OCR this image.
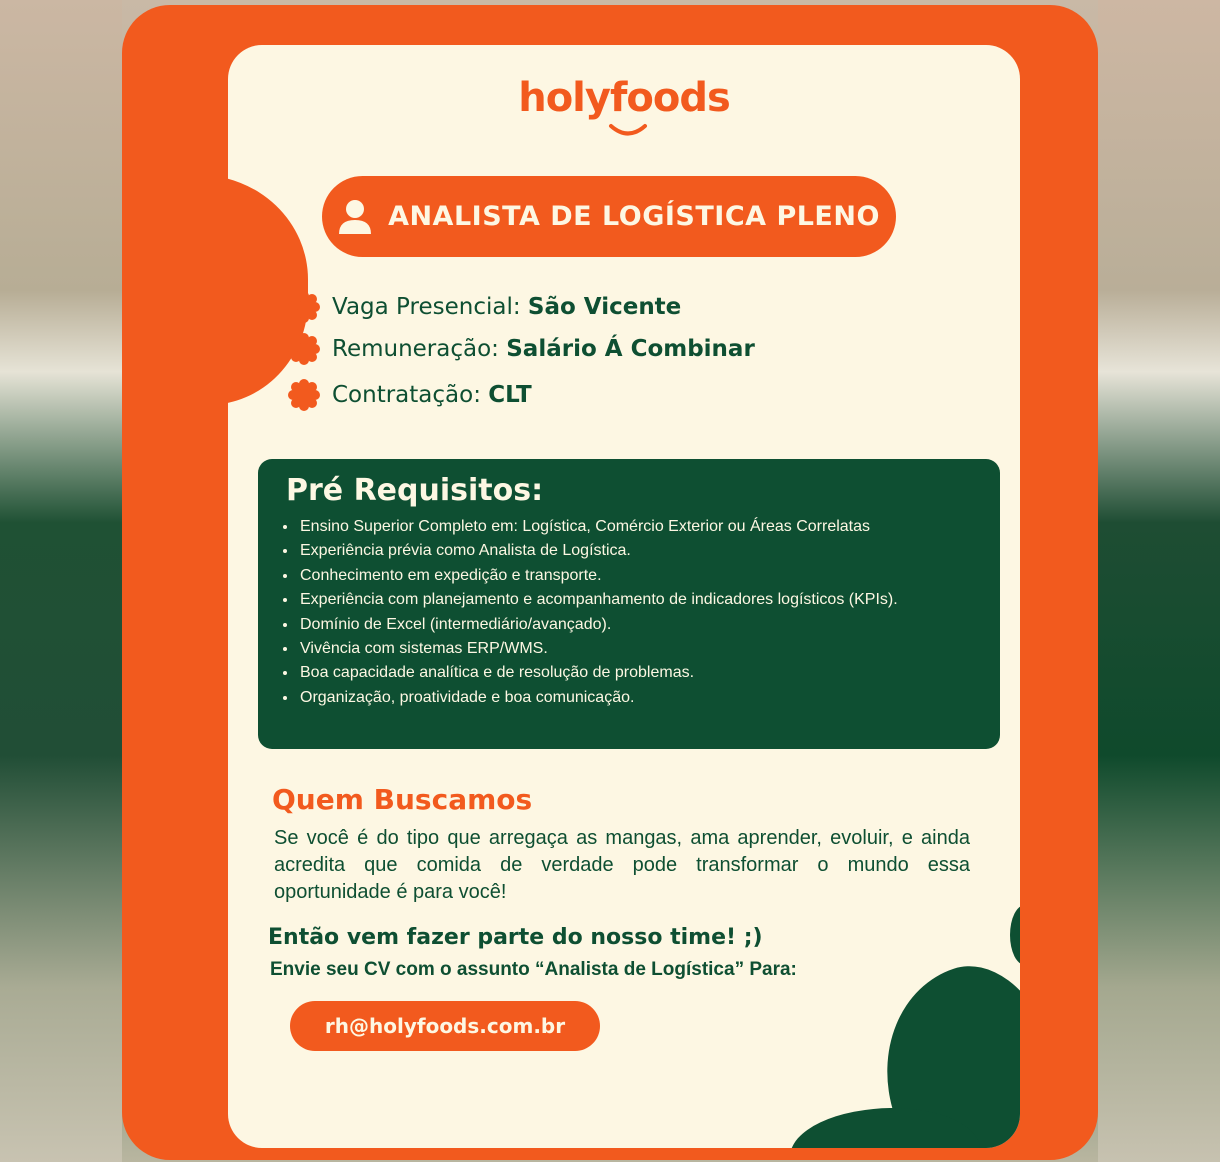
holyfoods
ANALISTA DE LOGÍSTICA PLENO
Vaga Presencial: São Vicente
Remuneração: Salário Á Combinar
Contratação: CLT
Pré Requisitos:
• Ensino Superior Completo em: Logística, Comércio Exterior ou Áreas Correlatas
• Experiência prévia como Analista de Logística.
• Conhecimento em expedição e transporte.
• Experiência com planejamento e acompanhamento de indicadores logísticos (KPIs).
• Domínio de Excel (intermediário/avançado).
• Vivência com sistemas ERP/WMS.
• Boa capacidade analítica e de resolução de problemas.
• Organização, proatividade e boa comunicação.
Quem Buscamos
Se você é do tipo que arregaça as mangas, ama aprender, evoluir, e ainda acredita que comida de verdade pode transformar o mundo essa oportunidade é para você!
Então vem fazer parte do nosso time! ;)
Envie seu CV com o assunto “Analista de Logística” Para:
rh@holyfoods.com.br
